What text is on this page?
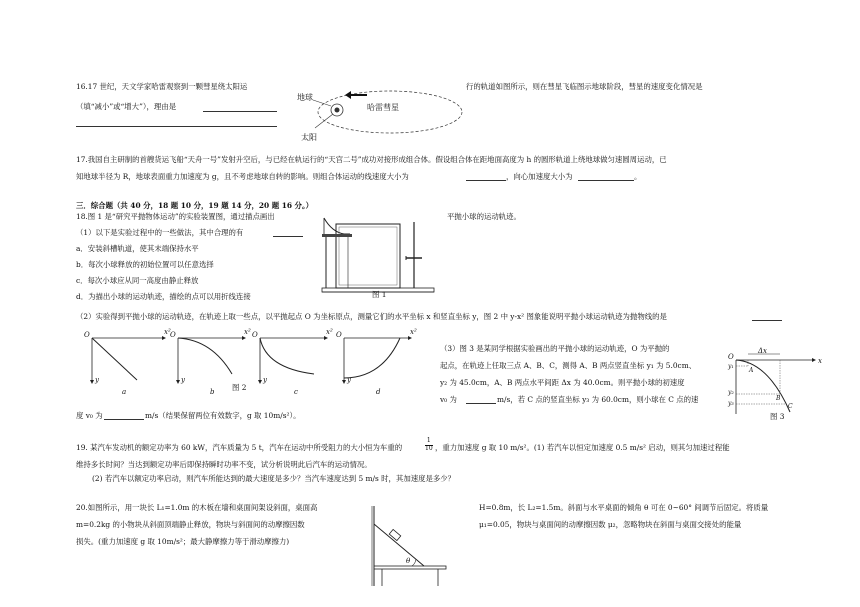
16.17 世纪，天文学家哈雷观察到一颗彗星绕太阳运	行的轨道如图所示，则在彗星飞临图示地球阶段，彗星的速度变化情况是
（填“减小”或“增大”），理由是
地球
哈雷彗星
太阳
17.我国自主研制的首艘货运飞船“天舟一号”发射升空后，与已经在轨运行的“天宫二号”成功对接形成组合体。假设组合体在距地面高度为 h 的圆形轨道上绕地球做匀速圆周运动，已
知地球半径为 R，地球表面重力加速度为 g，且不考虑地球自转的影响。则组合体运动的线速度大小为	，向心加速度大小为	。
三．综合题（共 40 分，18 题 10 分，19 题 14 分，20 题 16 分。）
18.图 1 是“研究平抛物体运动”的实验装置图，通过描点画出	平抛小球的运动轨迹。
（1）以下是实验过程中的一些做法，其中合理的有
a．安装斜槽轨道，使其末端保持水平
b．每次小球释放的初始位置可以任意选择
c．每次小球应从同一高度由静止释放
d．为描出小球的运动轨迹，描绘的点可以用折线连接	图 1
（2）实验得到平抛小球的运动轨迹，在轨迹上取一些点，以平抛起点 O 为坐标原点，测量它们的水平坐标 x 和竖直坐标 y，图 2 中 y-x² 图象能说明平抛小球运动轨迹为抛物线的是
O	x²
y
a
O	x²
y
b
O	x²
y
c
O	x²
y
d
图 2
（3）图 3 是某同学根据实验画出的平抛小球的运动轨迹，O 为平抛的
起点，在轨迹上任取三点 A、B、C，测得 A、B 两点竖直坐标 y₁ 为 5.0cm、
y₂ 为 45.0cm，A、B 两点水平间距 Δx 为 40.0cm。则平抛小球的初速度
v₀ 为	m/s，若 C 点的竖直坐标 y₃ 为 60.0cm，则小球在 C 点的速
度 v₀ 为	m/s（结果保留两位有效数字，g 取 10m/s²）。
O
Δx
x
y₁
y₂
y₃
A
B
C
图 3
19. 某汽车发动机的额定功率为 60 kW，汽车质量为 5 t，汽车在运动中所受阻力的大小恒为车重的	$\frac{1}{10}$ ，重力加速度 g 取 10 m/s²。(1) 若汽车以恒定加速度 0.5 m/s² 启动，则其匀加速过程能
维持多长时间？当达到额定功率后即保持瞬时功率不变，试分析说明此后汽车的运动情况。
(2) 若汽车以额定功率启动，则汽车所能达到的最大速度是多少？当汽车速度达到 5 m/s 时，其加速度是多少？
20.如图所示，用一块长 L₁=1.0m 的木板在墙和桌面间架设斜面，桌面高	H=0.8m，长 L₂=1.5m。斜面与水平桌面的倾角 θ 可在 0~60° 间调节后固定。将质量
m=0.2kg 的小物块从斜面顶端静止释放，物块与斜面间的动摩擦因数	μ₁=0.05，物块与桌面间的动摩擦因数 μ₂，忽略物块在斜面与桌面交接处的能量
损失。(重力加速度 g 取 10m/s²；最大静摩擦力等于滑动摩擦力)
θ
